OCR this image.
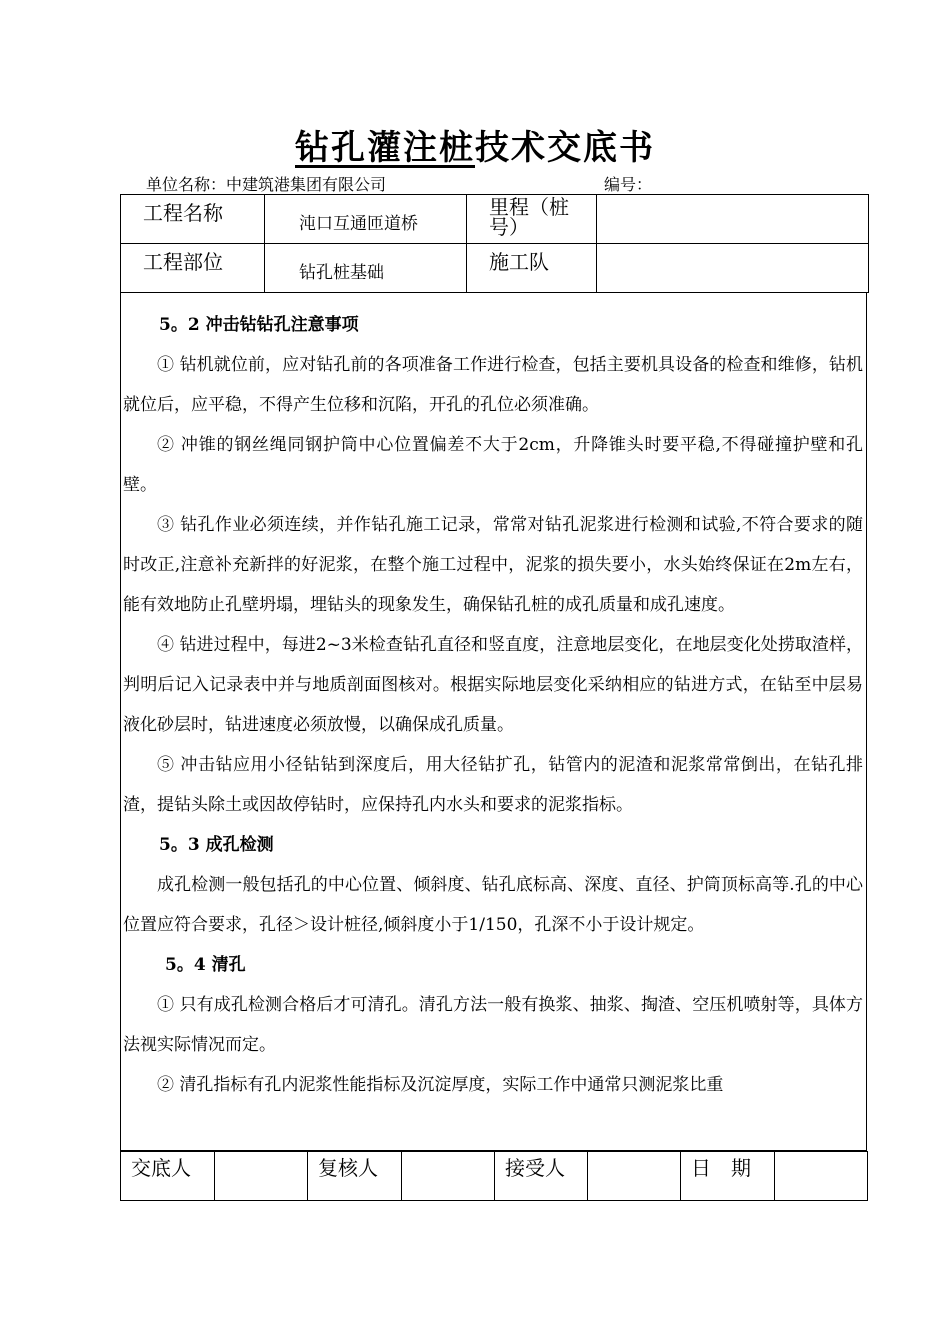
钻孔灌注桩技术交底书
单位名称：中建筑港集团有限公司	编号：
工程名称	沌口互通匝道桥	里程（桩号）	

工程部位	钻孔桩基础	施工队	

5。2 冲击钻钻孔注意事项

① 钻机就位前，应对钻孔前的各项准备工作进行检查，包括主要机具设备的检查和维修，钻机就位后，应平稳，不得产生位移和沉陷，开孔的孔位必须准确。

② 冲锥的钢丝绳同钢护筒中心位置偏差不大于2cm，升降锥头时要平稳,不得碰撞护壁和孔壁。

③ 钻孔作业必须连续，并作钻孔施工记录，常常对钻孔泥浆进行检测和试验,不符合要求的随时改正,注意补充新拌的好泥浆，在整个施工过程中，泥浆的损失要小，水头始终保证在2m左右，能有效地防止孔壁坍塌，埋钻头的现象发生，确保钻孔桩的成孔质量和成孔速度。

④ 钻进过程中，每进2~3米检查钻孔直径和竖直度，注意地层变化，在地层变化处捞取渣样，判明后记入记录表中并与地质剖面图核对。根据实际地层变化采纳相应的钻进方式，在钻至中层易液化砂层时，钻进速度必须放慢，以确保成孔质量。

⑤ 冲击钻应用小径钻钻到深度后，用大径钻扩孔，钻管内的泥渣和泥浆常常倒出，在钻孔排渣，提钻头除土或因故停钻时，应保持孔内水头和要求的泥浆指标。

5。3 成孔检测

成孔检测一般包括孔的中心位置、倾斜度、钻孔底标高、深度、直径、护筒顶标高等.孔的中心位置应符合要求，孔径＞设计桩径,倾斜度小于1/150，孔深不小于设计规定。

5。4 清孔

① 只有成孔检测合格后才可清孔。清孔方法一般有换浆、抽浆、掏渣、空压机喷射等，具体方法视实际情况而定。

② 清孔指标有孔内泥浆性能指标及沉淀厚度，实际工作中通常只测泥浆比重

交底人		复核人		接受人		日　期	
